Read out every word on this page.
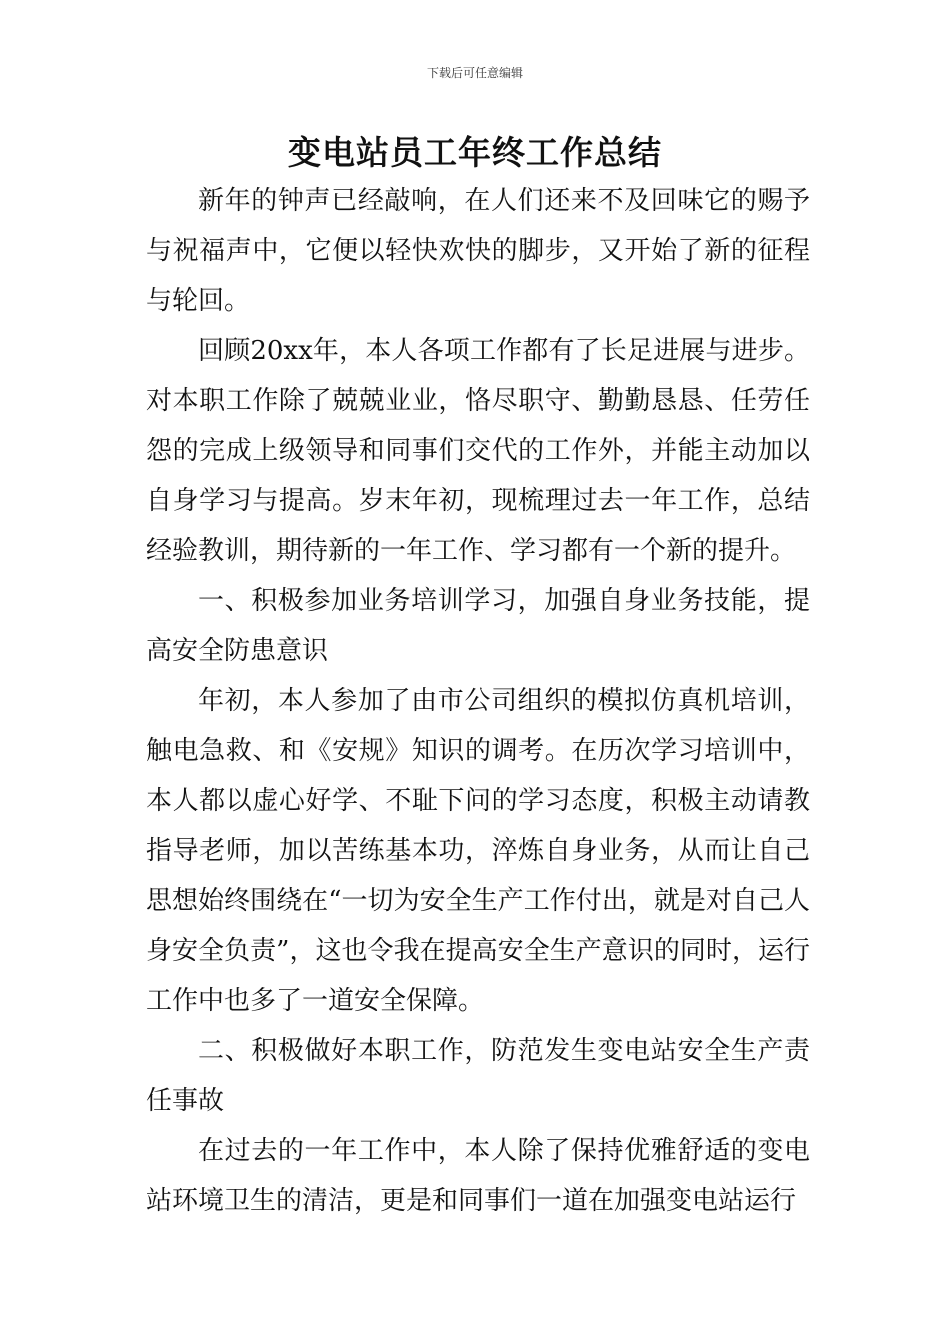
下载后可任意编辑
变电站员工年终工作总结

新年的钟声已经敲响，在人们还来不及回味它的赐予与祝福声中，它便以轻快欢快的脚步，又开始了新的征程与轮回。

回顾20xx年，本人各项工作都有了长足进展与进步。对本职工作除了兢兢业业，恪尽职守、勤勤恳恳、任劳任怨的完成上级领导和同事们交代的工作外，并能主动加以自身学习与提高。岁末年初，现梳理过去一年工作，总结经验教训，期待新的一年工作、学习都有一个新的提升。

一、积极参加业务培训学习，加强自身业务技能，提高安全防患意识

年初，本人参加了由市公司组织的模拟仿真机培训，触电急救、和《安规》知识的调考。在历次学习培训中，本人都以虚心好学、不耻下问的学习态度，积极主动请教指导老师，加以苦练基本功，淬炼自身业务，从而让自己思想始终围绕在“一切为安全生产工作付出，就是对自己人身安全负责”，这也令我在提高安全生产意识的同时，运行工作中也多了一道安全保障。

二、积极做好本职工作，防范发生变电站安全生产责任事故

在过去的一年工作中，本人除了保持优雅舒适的变电站环境卫生的清洁，更是和同事们一道在加强变电站运行
